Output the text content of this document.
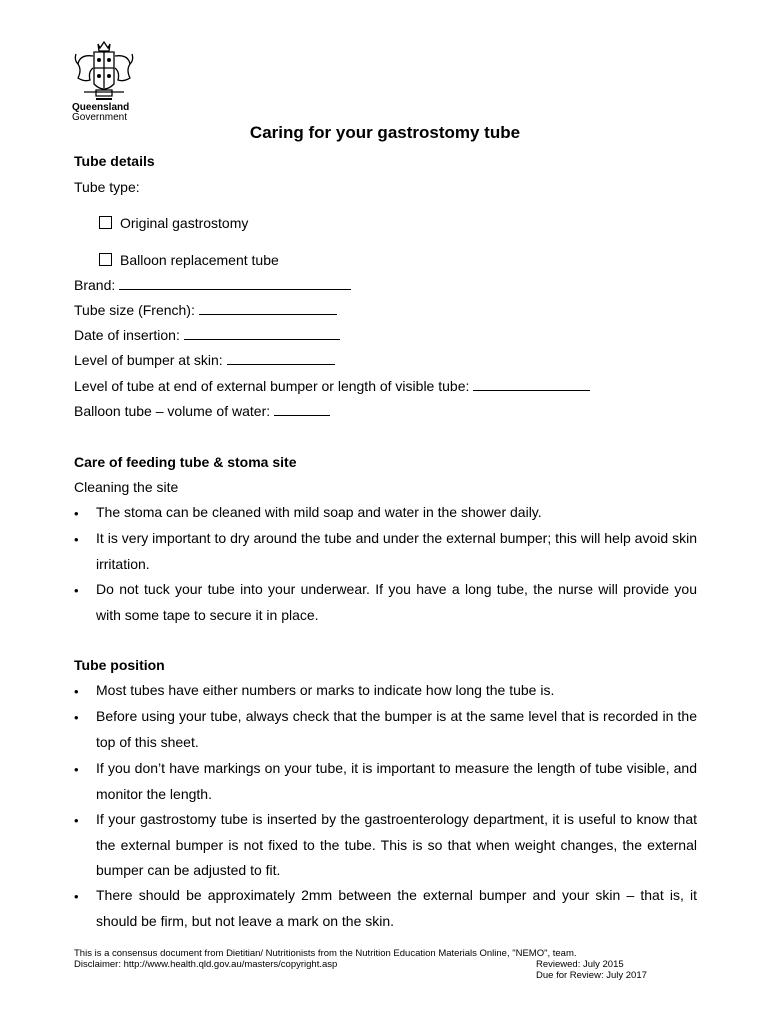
Queensland
Government
Caring for your gastrostomy tube
Tube details
Tube type:
Original gastrostomy
Balloon replacement tube
Brand:
Tube size (French):
Date of insertion:
Level of bumper at skin:
Level of tube at end of external bumper or length of visible tube:
Balloon tube – volume of water:
Care of feeding tube & stoma site
Cleaning the site
• The stoma can be cleaned with mild soap and water in the shower daily.
• It is very important to dry around the tube and under the external bumper; this will help avoid skin irritation.
• Do not tuck your tube into your underwear. If you have a long tube, the nurse will provide you with some tape to secure it in place.
Tube position
• Most tubes have either numbers or marks to indicate how long the tube is.
• Before using your tube, always check that the bumper is at the same level that is recorded in the top of this sheet.
• If you don’t have markings on your tube, it is important to measure the length of tube visible, and monitor the length.
• If your gastrostomy tube is inserted by the gastroenterology department, it is useful to know that the external bumper is not fixed to the tube. This is so that when weight changes, the external bumper can be adjusted to fit.
• There should be approximately 2mm between the external bumper and your skin – that is, it should be firm, but not leave a mark on the skin.
This is a consensus document from Dietitian/ Nutritionists from the Nutrition Education Materials Online, "NEMO", team.
Disclaimer: http://www.health.qld.gov.au/masters/copyright.asp	Reviewed: July 2015
Due for Review: July 2017
